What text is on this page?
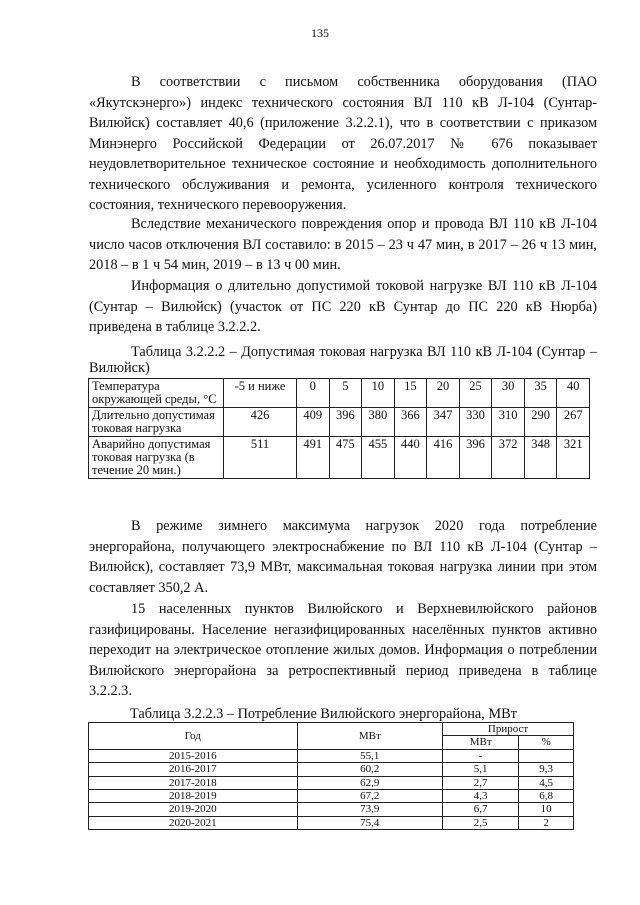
135

В соответствии с письмом собственника оборудования (ПАО «Якутскэнерго») индекс технического состояния ВЛ 110 кВ Л-104 (Сунтар-Вилюйск) составляет 40,6 (приложение 3.2.2.1), что в соответствии с приказом Минэнерго Российской Федерации от 26.07.2017 № 676 показывает неудовлетворительное техническое состояние и необходимость дополнительного технического обслуживания и ремонта, усиленного контроля технического состояния, технического перевооружения.

Вследствие механического повреждения опор и провода ВЛ 110 кВ Л-104 число часов отключения ВЛ составило: в 2015 – 23 ч 47 мин, в 2017 – 26 ч 13 мин, 2018 – в 1 ч 54 мин, 2019 – в 13 ч 00 мин.

Информация о длительно допустимой токовой нагрузке ВЛ 110 кВ Л-104 (Сунтар – Вилюйск) (участок от ПС 220 кВ Сунтар до ПС 220 кВ Нюрба) приведена в таблице 3.2.2.2.

Таблица 3.2.2.2 – Допустимая токовая нагрузка ВЛ 110 кВ Л-104 (Сунтар – Вилюйск)

Температура окружающей среды, °С	-5 и ниже	0	5	10	15	20	25	30	35	40
Длительно допустимая токовая нагрузка	426	409	396	380	366	347	330	310	290	267
Аварийно допустимая токовая нагрузка (в течение 20 мин.)	511	491	475	455	440	416	396	372	348	321

В режиме зимнего максимума нагрузок 2020 года потребление энергорайона, получающего электроснабжение по ВЛ 110 кВ Л-104 (Сунтар – Вилюйск), составляет 73,9 МВт, максимальная токовая нагрузка линии при этом составляет 350,2 А.

15 населенных пунктов Вилюйского и Верхневилюйского районов газифицированы. Население негазифицированных населённых пунктов активно переходит на электрическое отопление жилых домов. Информация о потреблении Вилюйского энергорайона за ретроспективный период приведена в таблице 3.2.2.3.

Таблица 3.2.2.3 – Потребление Вилюйского энергорайона, МВт

Год	МВт	Прирост	
		МВт	%
2015-2016	55,1	-	
2016-2017	60,2	5,1	9,3
2017-2018	62,9	2,7	4,5
2018-2019	67,2	4,3	6,8
2019-2020	73,9	6,7	10
2020-2021	75,4	2,5	2
